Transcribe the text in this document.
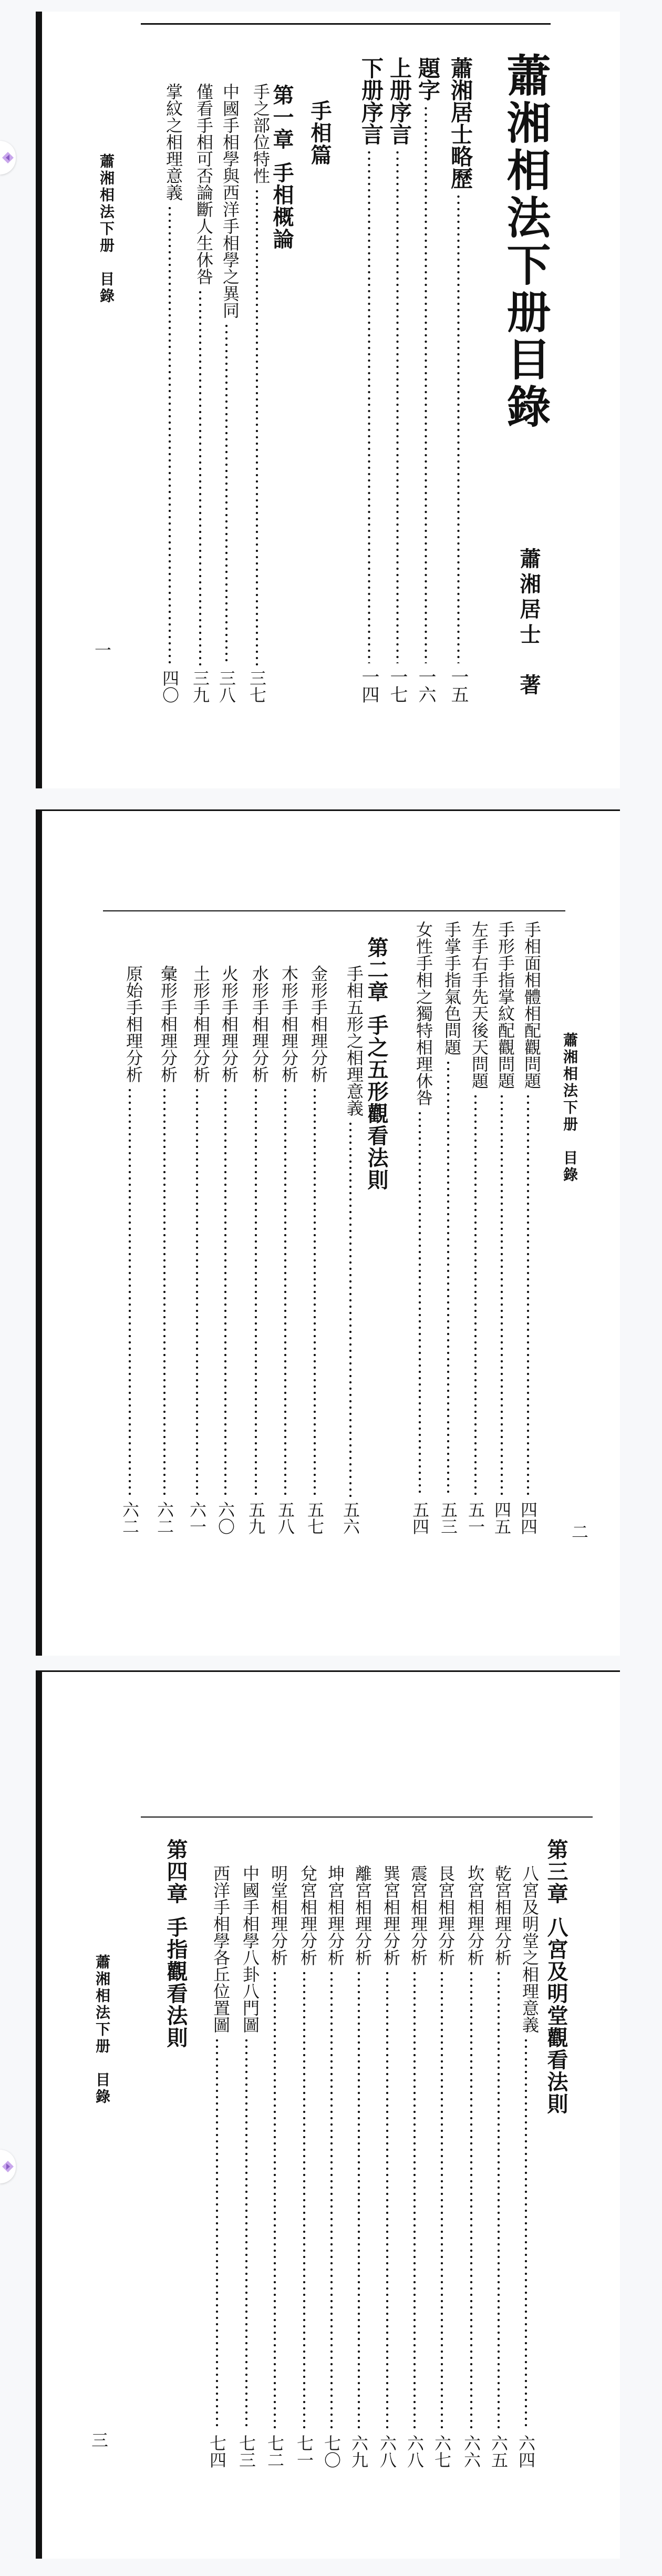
蕭湘相法下册目錄
蕭湘居士　著
蕭湘居士略歷
一五
題字
一六
上册序言
一七
下册序言
一四
手相篇
第一章手相概論
手之部位特性
三七
中國手相學與西洋手相學之異同
三八
僅看手相可否論斷人生休咎
三九
掌紋之相理意義
四〇
蕭湘相法下册　目錄
一
蕭湘相法下册　目錄
二
手相面相體相配觀問題
四四
手形手指掌紋配觀問題
四五
左手右手先天後天問題
五一
手掌手指氣色問題
五三
女性手相之獨特相理休咎
五四
第二章手之五形觀看法則
手相五形之相理意義
五六
金形手相理分析
五七
木形手相理分析
五八
水形手相理分析
五九
火形手相理分析
六〇
土形手相理分析
六一
彙形手相理分析
六二
原始手相理分析
六二
第三章八宮及明堂觀看法則
八宮及明堂之相理意義
六四
乾宮相理分析
六五
坎宮相理分析
六六
艮宮相理分析
六七
震宮相理分析
六八
巽宮相理分析
六八
離宮相理分析
六九
坤宮相理分析
七〇
兌宮相理分析
七一
明堂相理分析
七二
中國手相學八卦八門圖
七三
西洋手相學各丘位置圖
七四
第四章手指觀看法則
蕭湘相法下册　目錄
三
